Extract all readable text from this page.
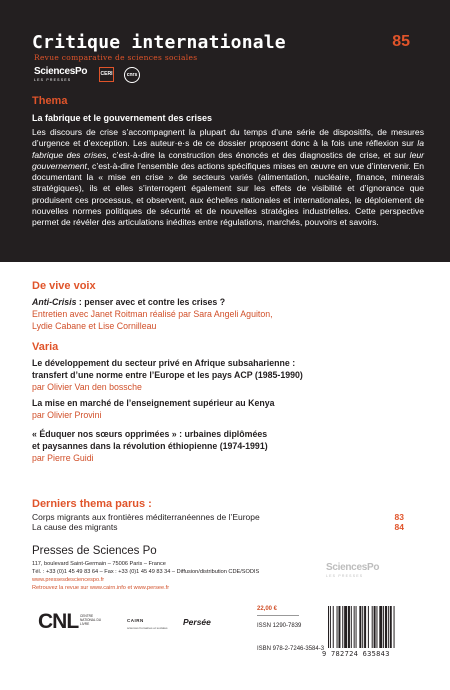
Critique internationale	85
Revue comparative de sciences sociales
SciencesPo
LES PRESSES
CERI	cnrs
Thema
La fabrique et le gouvernement des crises
Les discours de crise s’accompagnent la plupart du temps d’une série de dispositifs, de mesures d’urgence et d’exception. Les auteur·e·s de ce dossier proposent donc à la fois une réflexion sur la fabrique des crises, c’est-à-dire la construction des énoncés et des diagnostics de crise, et sur leur gouvernement, c’est-à-dire l’ensemble des actions spécifiques mises en œuvre en vue d’intervenir. En documentant la « mise en crise » de secteurs variés (alimentation, nucléaire, finance, minerais stratégiques), ils et elles s’interrogent également sur les effets de visibilité et d’ignorance que produisent ces processus, et observent, aux échelles nationales et internationales, le déploiement de nouvelles normes politiques de sécurité et de nouvelles stratégies industrielles. Cette perspective permet de révéler des articulations inédites entre régulations, marchés, pouvoirs et savoirs.
De vive voix
Anti-Crisis : penser avec et contre les crises ?
Entretien avec Janet Roitman réalisé par Sara Angeli Aguiton,
Lydie Cabane et Lise Cornilleau
Varia
Le développement du secteur privé en Afrique subsaharienne :
transfert d’une norme entre l’Europe et les pays ACP (1985-1990)
par Olivier Van den bossche
La mise en marché de l’enseignement supérieur au Kenya
par Olivier Provini
« Éduquer nos sœurs opprimées » : urbaines diplômées
et paysannes dans la révolution éthiopienne (1974-1991)
par Pierre Guidi
Derniers thema parus :
Corps migrants aux frontières méditerranéennes de l’Europe	83
La cause des migrants	84
Presses de Sciences Po
117, boulevard Saint-Germain – 75006 Paris – France
Tél. : +33 (0)1 45 49 83 64 – Fax : +33 (0)1 45 49 83 34 – Diffusion/distribution CDE/SODIS
www.pressesdesciencespo.fr
Retrouvez la revue sur www.cairn.info et www.persee.fr
SciencesPo
LES PRESSES
CNL CENTRE NATIONAL DU LIVRE
CAIRN
sciences humaines et sociales
Persée
22,00 €
ISSN 1290-7839
ISBN 978-2-7246-3584-3
9 782724 635843
